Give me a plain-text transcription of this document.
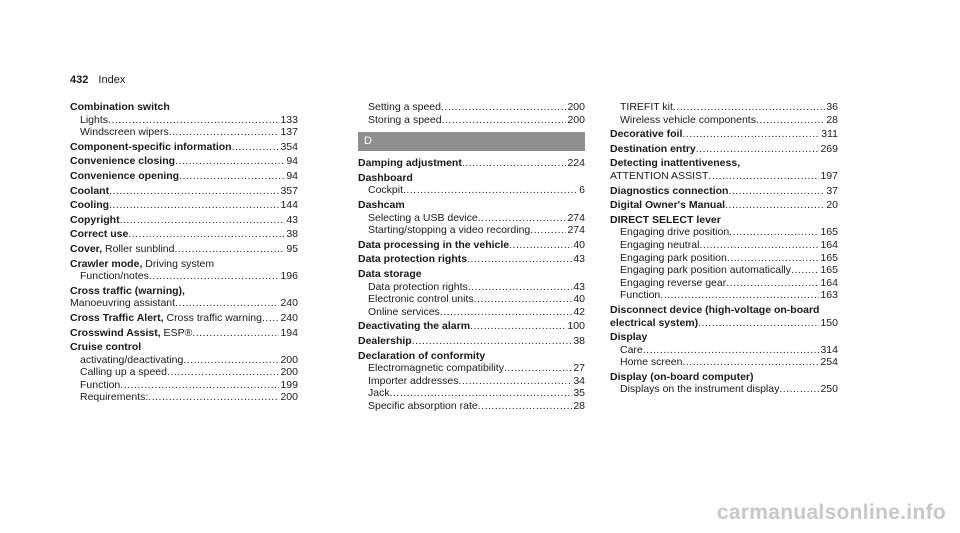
432 Index
Combination switch
Lights .....	133
Windscreen wipers .....	137
Component-specific information .....	354
Convenience closing .....	94
Convenience opening .....	94
Coolant .....	357
Cooling .....	144
Copyright .....	43
Correct use .....	38
Cover, Roller sunblind .....	95
Crawler mode, Driving system
Function/notes .....	196
Cross traffic (warning),
Manoeuvring assistant .....	240
Cross Traffic Alert, Cross traffic warning ..... 240
Crosswind Assist, ESP® .....	194
Cruise control
activating/deactivating .....	200
Calling up a speed .....	200
Function .....	199
Requirements: .....	200
Setting a speed .....	200
Storing a speed .....	200
D
Damping adjustment .....	224
Dashboard
Cockpit .....	6
Dashcam
Selecting a USB device .....	274
Starting/stopping a video recording .....	274
Data processing in the vehicle .....	40
Data protection rights .....	43
Data storage
Data protection rights .....	43
Electronic control units .....	40
Online services .....	42
Deactivating the alarm .....	100
Dealership .....	38
Declaration of conformity
Electromagnetic compatibility .....	27
Importer addresses .....	34
Jack .....	35
Specific absorption rate .....	28
TIREFIT kit .....	36
Wireless vehicle components .....	28
Decorative foil .....	311
Destination entry .....	269
Detecting inattentiveness,
ATTENTION ASSIST .....	197
Diagnostics connection .....	37
Digital Owner's Manual .....	20
DIRECT SELECT lever
Engaging drive position .....	165
Engaging neutral .....	164
Engaging park position .....	165
Engaging park position automatically .....	165
Engaging reverse gear .....	164
Function .....	163
Disconnect device (high-voltage on-board
electrical system) .....	150
Display
Care .....	314
Home screen .....	254
Display (on-board computer)
Displays on the instrument display .....	250
carmanualsonline.info
